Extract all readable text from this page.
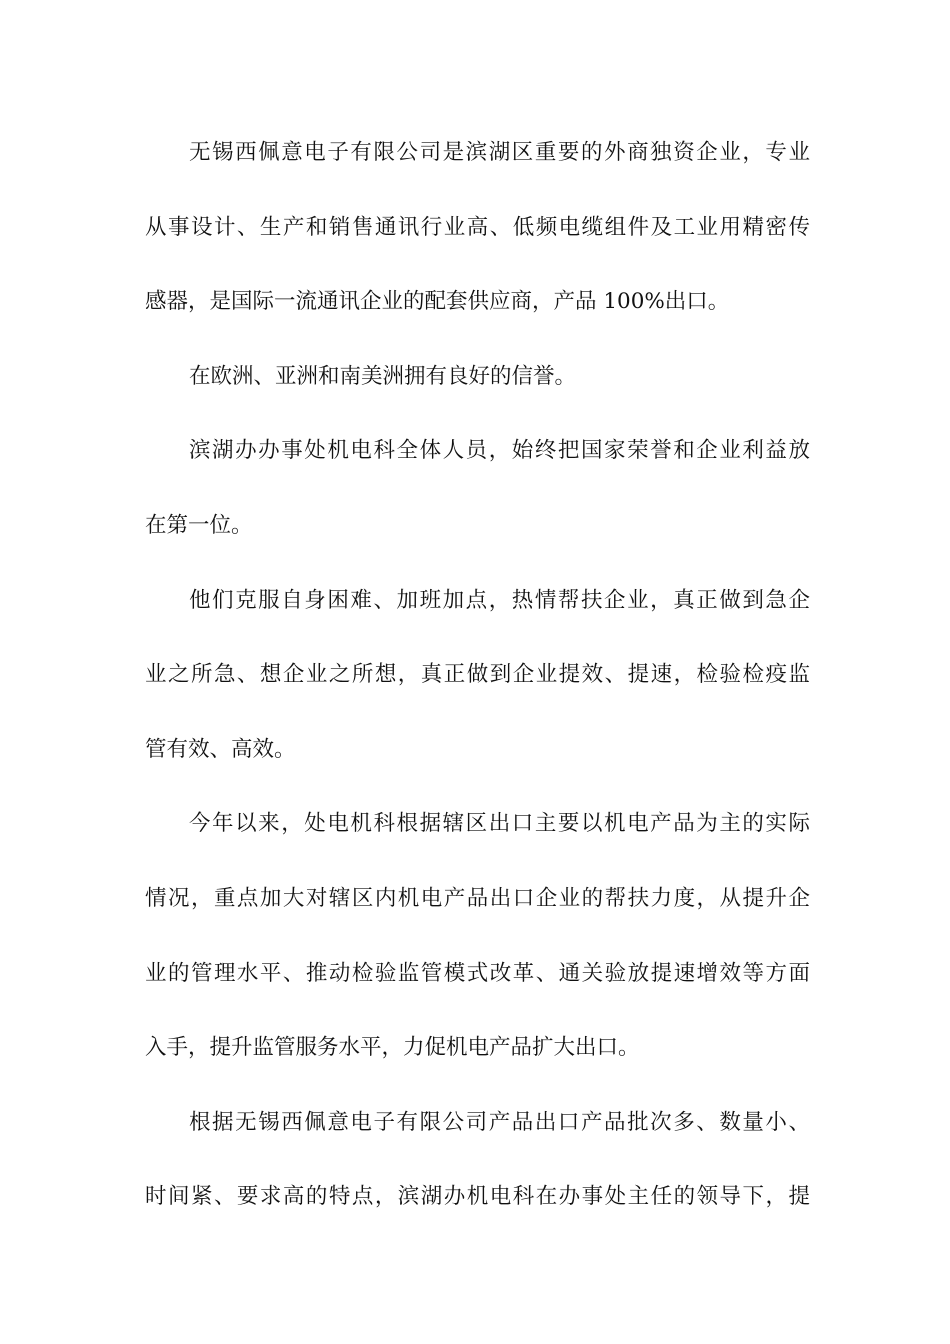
无锡西佩意电子有限公司是滨湖区重要的外商独资企业，专业
从事设计、生产和销售通讯行业高、低频电缆组件及工业用精密传
感器，是国际一流通讯企业的配套供应商，产品 100%出口。
在欧洲、亚洲和南美洲拥有良好的信誉。
滨湖办办事处机电科全体人员，始终把国家荣誉和企业利益放
在第一位。
他们克服自身困难、加班加点，热情帮扶企业，真正做到急企
业之所急、想企业之所想，真正做到企业提效、提速，检验检疫监
管有效、高效。
今年以来，处电机科根据辖区出口主要以机电产品为主的实际
情况，重点加大对辖区内机电产品出口企业的帮扶力度，从提升企
业的管理水平、推动检验监管模式改革、通关验放提速增效等方面
入手，提升监管服务水平，力促机电产品扩大出口。
根据无锡西佩意电子有限公司产品出口产品批次多、数量小、
时间紧、要求高的特点，滨湖办机电科在办事处主任的领导下，提
